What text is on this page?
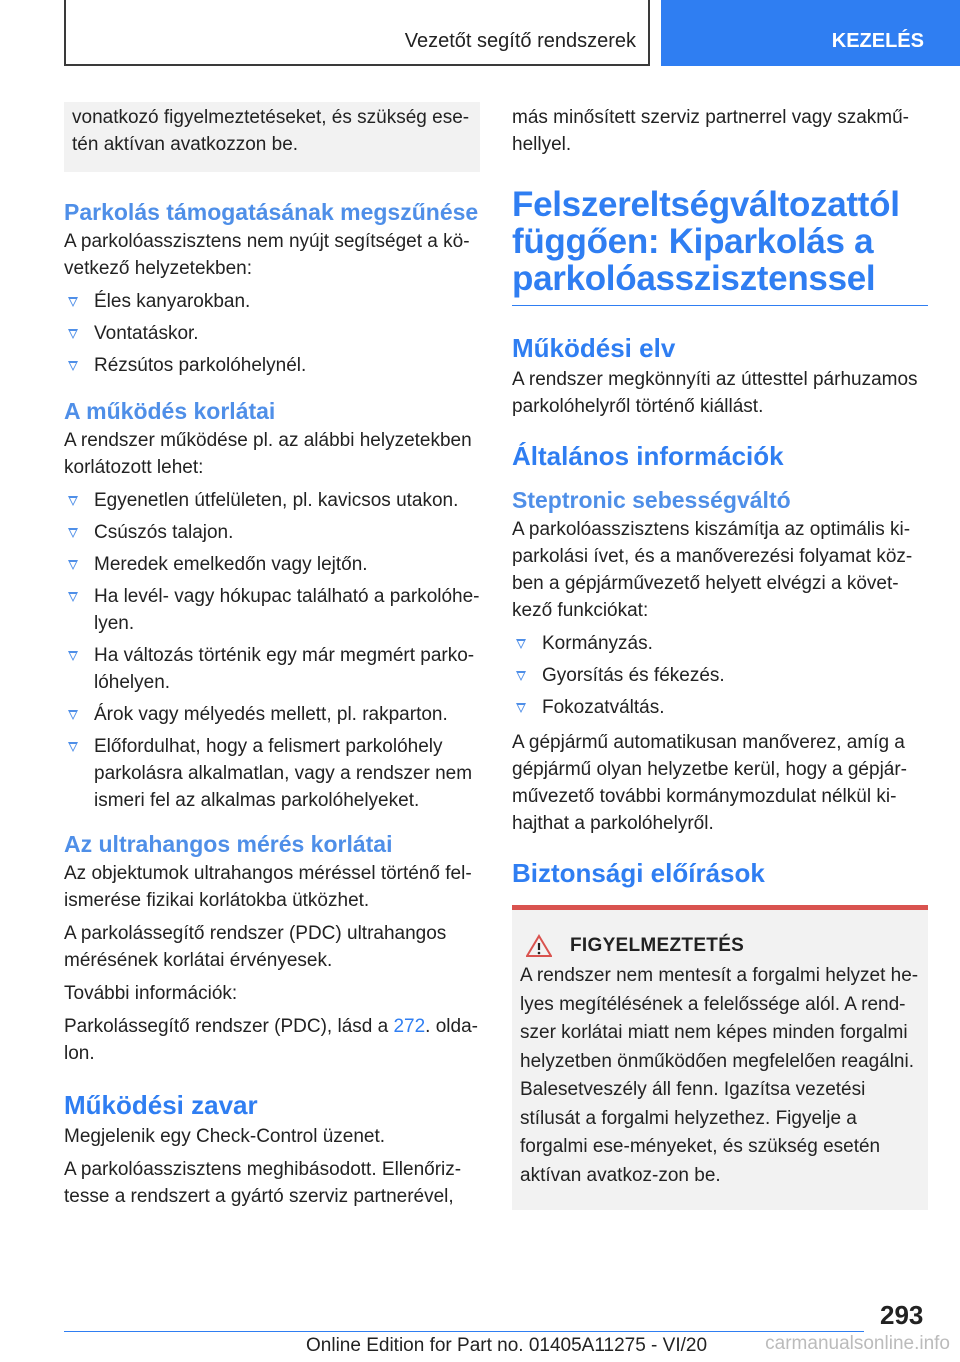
Vezetőt segítő rendszerek	KEZELÉS

vonatkozó figyelmeztetéseket, és szükség ese-tén aktívan avatkozzon be.

Parkolás támogatásának megszűnése

A parkolóasszisztens nem nyújt segítséget a kö-vetkező helyzetekben:

Éles kanyarokban.
Vontatáskor.
Rézsútos parkolóhelynél.
A működés korlátai

A rendszer működése pl. az alábbi helyzetekben korlátozott lehet:

Egyenetlen útfelületen, pl. kavicsos utakon.
Csúszós talajon.
Meredek emelkedőn vagy lejtőn.
Ha levél- vagy hókupac található a parkolóhe-lyen.
Ha változás történik egy már megmért parko-lóhelyen.
Árok vagy mélyedés mellett, pl. rakparton.
Előfordulhat, hogy a felismert parkolóhely parkolásra alkalmatlan, vagy a rendszer nem ismeri fel az alkalmas parkolóhelyeket.
Az ultrahangos mérés korlátai

Az objektumok ultrahangos méréssel történő fel-ismerése fizikai korlátokba ütközhet.

A parkolássegítő rendszer (PDC) ultrahangos mérésének korlátai érvényesek.

További információk:

Parkolássegítő rendszer (PDC), lásd a 272. olda-lon.

Működési zavar

Megjelenik egy Check-Control üzenet.

A parkolóasszisztens meghibásodott. Ellenőriz-tesse a rendszert a gyártó szerviz partnerével,

más minősített szerviz partnerrel vagy szakmű-hellyel.

Felszereltségváltozattól függően: Kiparkolás a parkolóasszisztenssel
Működési elv

A rendszer megkönnyíti az úttesttel párhuzamos parkolóhelyről történő kiállást.

Általános információk
Steptronic sebességváltó

A parkolóasszisztens kiszámítja az optimális ki-parkolási ívet, és a manőverezési folyamat köz-ben a gépjárművezető helyett elvégzi a követ-kező funkciókat:

Kormányzás.
Gyorsítás és fékezés.
Fokozatváltás.

A gépjármű automatikusan manőverez, amíg a gépjármű olyan helyzetbe kerül, hogy a gépjár-művezető további kormánymozdulat nélkül ki-hajthat a parkolóhelyről.

Biztonsági előírások
FIGYELMEZTETÉS

A rendszer nem mentesít a forgalmi helyzet he-lyes megítélésének a felelőssége alól. A rend-szer korlátai miatt nem képes minden forgalmi helyzetben önműködően megfelelően reagálni. Balesetveszély áll fenn. Igazítsa vezetési stílusát a forgalmi helyzethez. Figyelje a forgalmi ese-ményeket, és szükség esetén aktívan avatkoz-zon be.

293
Online Edition for Part no. 01405A11275 - VI/20	carmanualsonline.info
